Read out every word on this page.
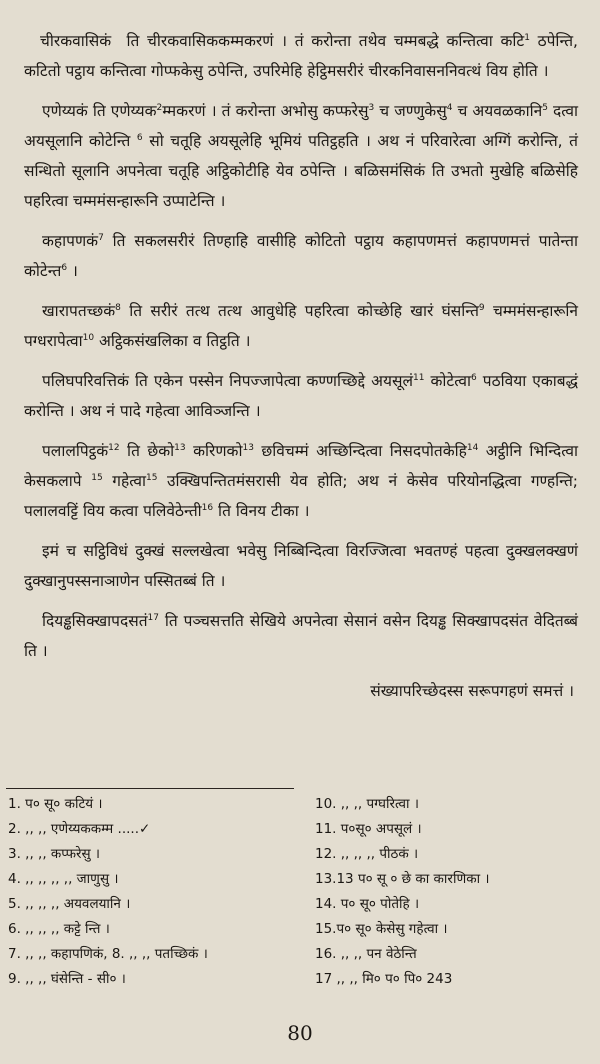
चीरकवासिकं  ति चीरकवासिककम्मकरणं । तं करोन्ता तथेव चम्मबद्धे कन्तित्वा कटि$^1$ ठपेन्ति, कटितो पट्ठाय कन्तित्वा गोप्फकेसु ठपेन्ति, उपरिमेहि हेट्ठिमसरीरं चीरकनिवासननिवत्थं विय होति ।

एणेय्यकं ति एणेय्यक$^2$म्मकरणं । तं करोन्ता अभोसु कप्फरेसु$^3$ च जण्णुकेसु$^4$ च अयवळकानि$^5$ दत्वा अयसूलानि कोटेन्ति $^6$ सो चतूहि अयसूलेहि भूमियं पतिट्ठहति । अथ नं परिवारेत्वा अग्गिं करोन्ति, तं सन्धितो सूलानि अपनेत्वा चतूहि अट्ठिकोटीहि येव ठपेन्ति । बळिसमंसिकं ति उभतो मुखेहि बळिसेहि पहरित्वा चम्ममंसन्हारूनि उप्पाटेन्ति ।

कहापणकं$^7$ ति सकलसरीरं तिण्हाहि वासीहि कोटितो पट्ठाय कहापणमत्तं कहापणमत्तं पातेन्ता कोटेन्त$^6$ ।

खारापतच्छकं$^8$ ति सरीरं तत्थ तत्थ आवुधेहि पहरित्वा कोच्छेहि खारं घंसन्ति$^9$ चम्ममंसन्हारूनि पग्धरापेत्वा$^{10}$ अट्ठिकसंखलिका व तिट्ठति ।

पलिघपरिवत्तिकं ति एकेन पस्सेन निपज्जापेत्वा कण्णच्छिद्दे अयसूलं$^{11}$ कोटेत्वा$^6$ पठविया एकाबद्धं करोन्ति । अथ नं पादे गहेत्वा आविञ्जन्ति ।

पलालपिट्ठकं$^{12}$ ति छेको$^{13}$ करिणको$^{13}$ छविचम्मं अच्छिन्दित्वा निसदपोतकेहि$^{14}$ अट्ठीनि भिन्दित्वा केसकलापे $^{15}$ गहेत्वा$^{15}$ उक्खिपन्तितमंसरासी येव होति; अथ नं केसेव परियोनद्धित्वा गण्हन्ति; पलालवट्टिं विय कत्वा पलिवेठेन्ती$^{16}$ ति विनय टीका ।

इमं च सट्ठिविधं दुक्खं सल्लखेत्वा भवेसु निब्बिन्दित्वा विरज्जित्वा भवतण्हं पहत्वा दुक्खलक्खणं दुक्खानुपस्सनाञाणेन पस्सितब्बं ति ।

दियड्ढसिक्खापदसतं$^{17}$ ति पञ्चसत्तति सेखिये अपनेत्वा सेसानं वसेन दियड्ढ सिक्खापदसंत वेदितब्बं ति ।

संख्यापरिच्छेदस्स सरूपगहणं समत्तं ।

1. प० सू० कटियं ।
2. ,, ,, एणेय्यककम्म .....✓
3. ,, ,, कप्फरेसु ।
4. ,, ,, ,, ,, जाणुसु ।
5. ,, ,, ,, अयवलयानि ।
6. ,, ,, ,, कट्टे न्ति ।
7. ,, ,, कहापणिकं, 8. ,, ,, पतच्छिकं ।
9. ,, ,, घंसेन्ति - सी० ।
10. ,, ,, पग्घरित्वा ।
11. प०सू० अपसूलं ।
12. ,, ,, ,, पीठकं ।
13.13 प० सू ० छे का कारणिका ।
14. प० सू० पोतेहि ।
15.प० सू० केसेसु गहेत्वा ।
16. ,, ,, पन वेठेन्ति
17 ,, ,, मि० प० पि० 243
80
